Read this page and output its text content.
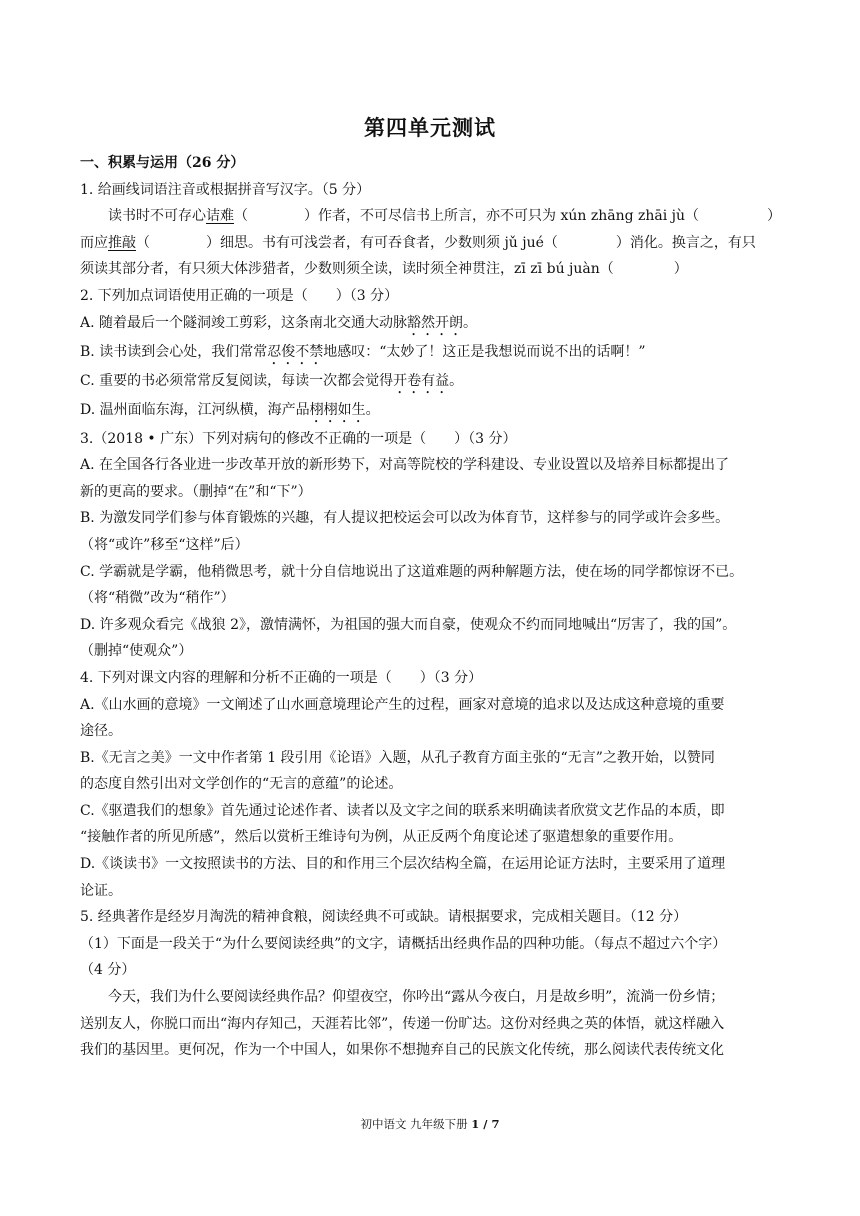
第四单元测试
一、积累与运用（26 分）
1. 给画线词语注音或根据拼音写汉字。（5 分）
读书时不可存心诘难（	）作者，不可尽信书上所言，亦不可只为 xún zhāng zhāi jù（	）
而应推敲（	）细思。书有可浅尝者，有可吞食者，少数则须 jǔ jué（	）消化。换言之，有只
须读其部分者，有只须大体涉猎者，少数则须全读，读时须全神贯注，zī zī bú juàn（	）
2. 下列加点词语使用正确的一项是（　　）（3 分）
A. 随着最后一个隧洞竣工剪彩，这条南北交通大动脉豁然开朗。
B. 读书读到会心处，我们常常忍俊不禁地感叹：“太妙了！这正是我想说而说不出的话啊！”
C. 重要的书必须常常反复阅读，每读一次都会觉得开卷有益。
D. 温州面临东海，江河纵横，海产品栩栩如生。
3.（2018 • 广东）下列对病句的修改不正确的一项是（　　）（3 分）
A. 在全国各行各业进一步改革开放的新形势下，对高等院校的学科建设、专业设置以及培养目标都提出了
新的更高的要求。（删掉“在”和“下”）
B. 为激发同学们参与体育锻炼的兴趣，有人提议把校运会可以改为体育节，这样参与的同学或许会多些。
（将“或许”移至“这样”后）
C. 学霸就是学霸，他稍微思考，就十分自信地说出了这道难题的两种解题方法，使在场的同学都惊讶不已。
（将“稍微”改为“稍作”）
D. 许多观众看完《战狼 2》，激情满怀，为祖国的强大而自豪，使观众不约而同地喊出“厉害了，我的国”。
（删掉“使观众”）
4. 下列对课文内容的理解和分析不正确的一项是（　　）（3 分）
A.《山水画的意境》一文阐述了山水画意境理论产生的过程，画家对意境的追求以及达成这种意境的重要
途径。
B.《无言之美》一文中作者第 1 段引用《论语》入题，从孔子教育方面主张的“无言”之教开始，以赞同
的态度自然引出对文学创作的“无言的意蕴”的论述。
C.《驱遣我们的想象》首先通过论述作者、读者以及文字之间的联系来明确读者欣赏文艺作品的本质，即
“接触作者的所见所感”，然后以赏析王维诗句为例，从正反两个角度论述了驱遣想象的重要作用。
D.《谈读书》一文按照读书的方法、目的和作用三个层次结构全篇，在运用论证方法时，主要采用了道理
论证。
5. 经典著作是经岁月淘洗的精神食粮，阅读经典不可或缺。请根据要求，完成相关题目。（12 分）
（1）下面是一段关于“为什么要阅读经典”的文字，请概括出经典作品的四种功能。（每点不超过六个字）
（4 分）
今天，我们为什么要阅读经典作品？仰望夜空，你吟出“露从今夜白，月是故乡明”，流淌一份乡情；
送别友人，你脱口而出“海内存知己，天涯若比邻”，传递一份旷达。这份对经典之英的体悟，就这样融入
我们的基因里。更何况，作为一个中国人，如果你不想抛弃自己的民族文化传统，那么阅读代表传统文化
初中语文 九年级下册 1 / 7
